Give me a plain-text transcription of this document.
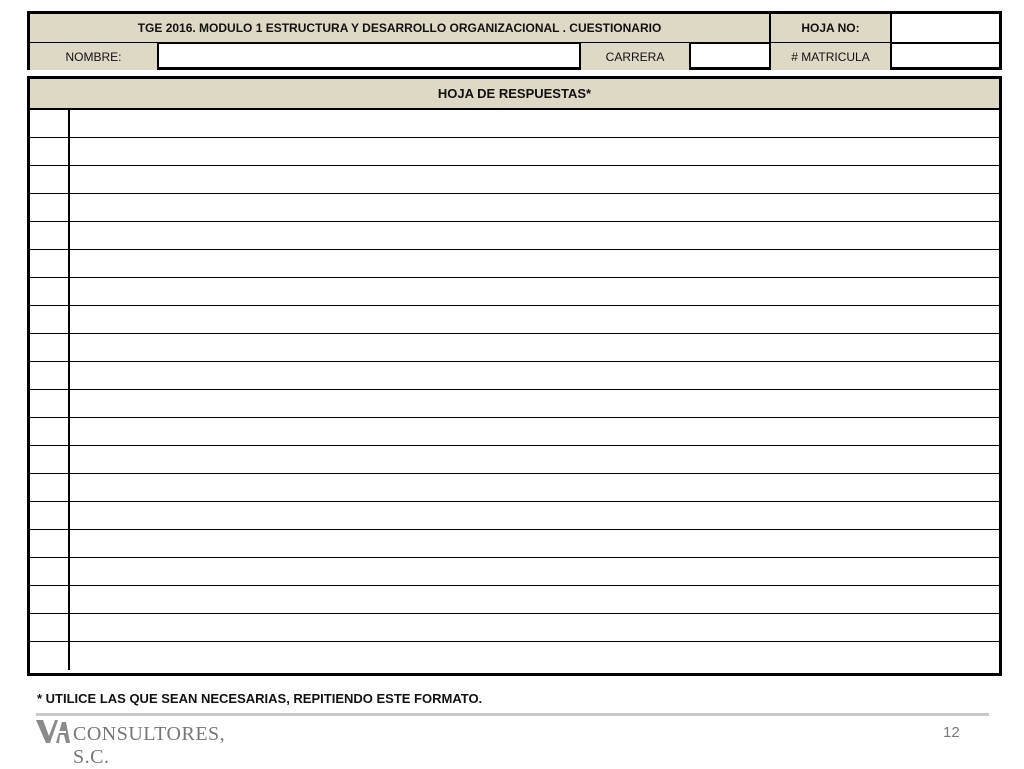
TGE 2016. MODULO 1 ESTRUCTURA Y DESARROLLO ORGANIZACIONAL . CUESTIONARIO	HOJA NO:
NOMBRE:	CARRERA	# MATRICULA
HOJA DE RESPUESTAS*
* UTILICE LAS QUE SEAN NECESARIAS, REPITIENDO ESTE FORMATO.
CONSULTORES, S.C.
12
